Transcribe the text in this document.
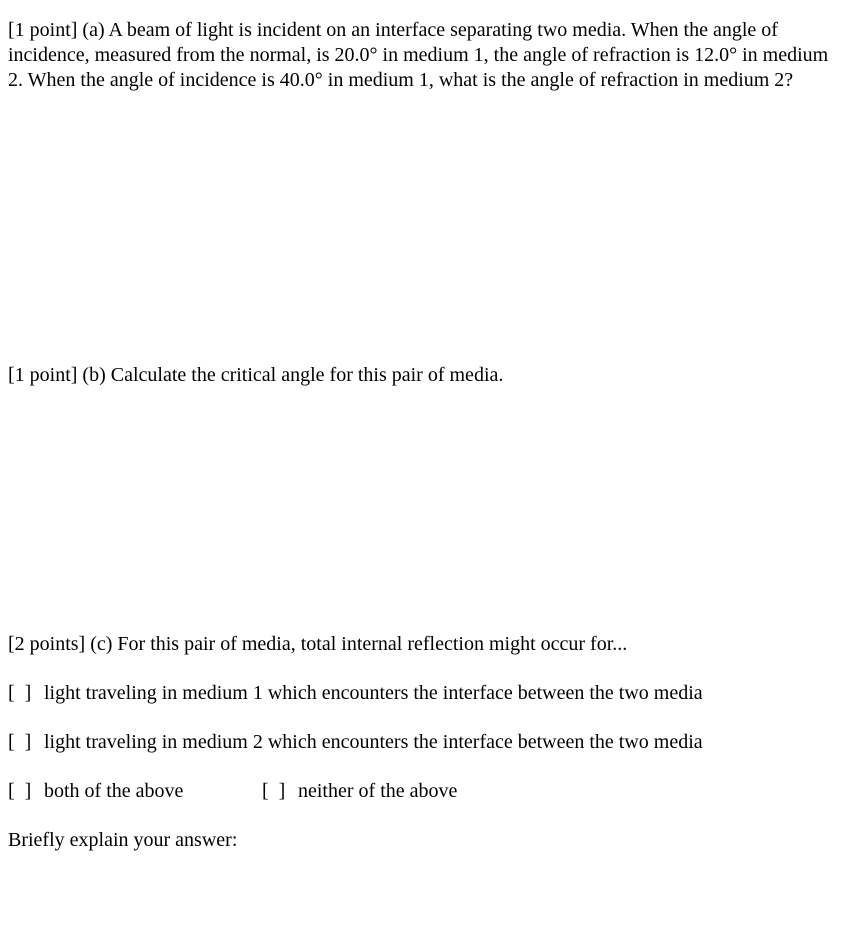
[1 point] (a) A beam of light is incident on an interface separating two media. When the angle of incidence, measured from the normal, is 20.0° in medium 1, the angle of refraction is 12.0° in medium 2. When the angle of incidence is 40.0° in medium 1, what is the angle of refraction in medium 2?

[1 point] (b) Calculate the critical angle for this pair of media.

[2 points] (c) For this pair of media, total internal reflection might occur for...

[  ] light traveling in medium 1 which encounters the interface between the two media
[  ] light traveling in medium 2 which encounters the interface between the two media
[  ] both of the above	[  ] neither of the above

Briefly explain your answer:
